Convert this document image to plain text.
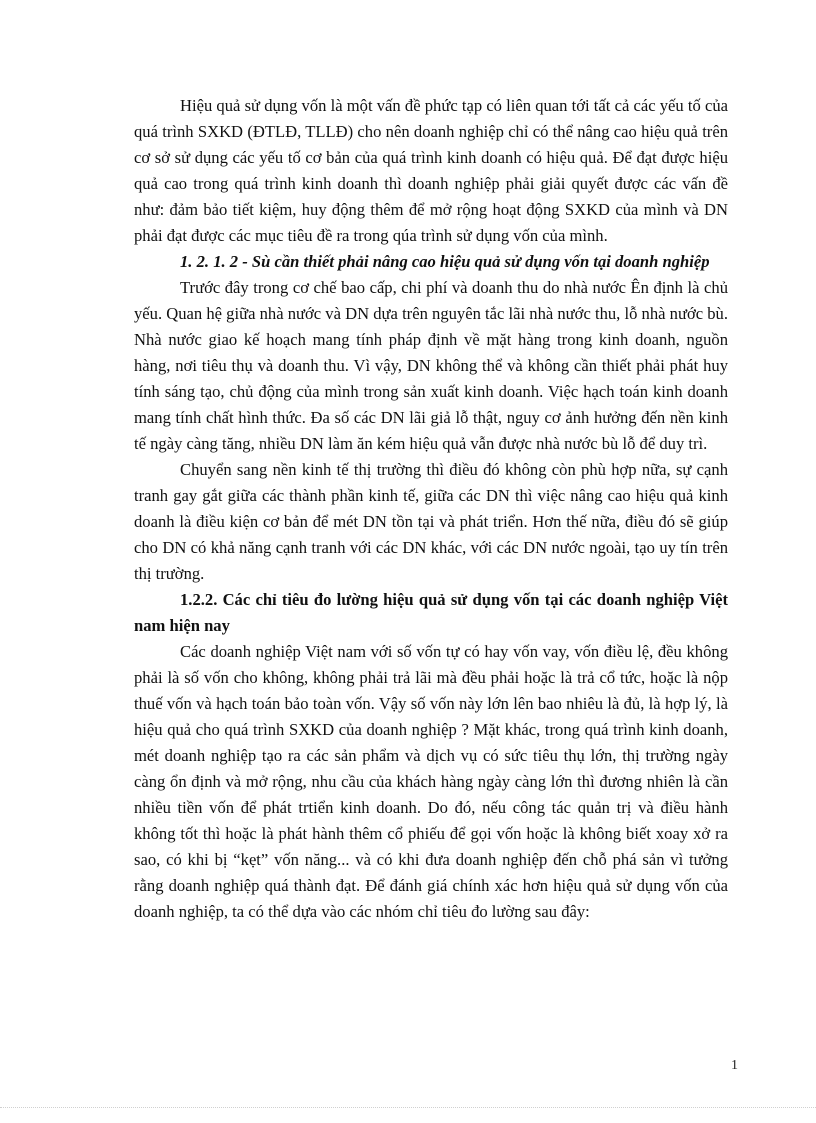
Hiệu quả sử dụng vốn là một vấn đề phức tạp có liên quan tới tất cả các yếu tố của quá trình SXKD (ĐTLĐ, TLLĐ) cho nên doanh nghiệp chỉ có thể nâng cao hiệu quả trên cơ sở sử dụng các yếu tố cơ bản của quá trình kinh doanh có hiệu quả. Để đạt được hiệu quả cao trong quá trình kinh doanh thì doanh nghiệp phải giải quyết được các vấn đề như: đảm bảo tiết kiệm, huy động thêm để mở rộng hoạt động SXKD của mình và DN phải đạt được các mục tiêu đề ra trong qúa trình sử dụng vốn của mình.

1. 2. 1. 2 - Sù cần thiết phải nâng cao hiệu quả sử dụng vốn tại doanh nghiệp

Trước đây trong cơ chế bao cấp, chi phí và doanh thu do nhà nước Ên định là chủ yếu. Quan hệ giữa nhà nước và DN dựa trên nguyên tắc lãi nhà nước thu, lỗ nhà nước bù. Nhà nước giao kế hoạch mang tính pháp định về mặt hàng trong kinh doanh, nguồn hàng, nơi tiêu thụ và doanh thu. Vì vậy, DN không thể và không cần thiết phải phát huy tính sáng tạo, chủ động của mình trong sản xuất kinh doanh. Việc hạch toán kinh doanh mang tính chất hình thức. Đa số các DN lãi giả lỗ thật, nguy cơ ảnh hưởng đến nền kinh tế ngày càng tăng, nhiều DN làm ăn kém hiệu quả vẫn được nhà nước bù lỗ để duy trì.

Chuyển sang nền kinh tế thị trường thì điều đó không còn phù hợp nữa, sự cạnh tranh gay gắt giữa các thành phần kinh tế, giữa các DN thì việc nâng cao hiệu quả kinh doanh là điều kiện cơ bản để mét DN tồn tại và phát triển. Hơn thế nữa, điều đó sẽ giúp cho DN có khả năng cạnh tranh với các DN khác, với các DN nước ngoài, tạo uy tín trên thị trường.

1.2.2. Các chỉ tiêu đo lường hiệu quả sử dụng vốn tại các doanh nghiệp Việt nam hiện nay

Các doanh nghiệp Việt nam với số vốn tự có hay vốn vay, vốn điều lệ, đều không phải là số vốn cho không, không phải trả lãi mà đều phải hoặc là trả cổ tức, hoặc là nộp thuế vốn và hạch toán bảo toàn vốn. Vậy số vốn này lớn lên bao nhiêu là đủ, là hợp lý, là hiệu quả cho quá trình SXKD của doanh nghiệp ? Mặt khác, trong quá trình kinh doanh, mét doanh nghiệp tạo ra các sản phẩm và dịch vụ có sức tiêu thụ lớn, thị trường ngày càng ổn định và mở rộng, nhu cầu của khách hàng ngày càng lớn thì đương nhiên là cần nhiều tiền vốn để phát trtiển kinh doanh. Do đó, nếu công tác quản trị và điều hành không tốt thì hoặc là phát hành thêm cổ phiếu để gọi vốn hoặc là không biết xoay xở ra sao, có khi bị “kẹt” vốn năng... và có khi đưa doanh nghiệp đến chỗ phá sản vì tưởng rằng doanh nghiệp quá thành đạt. Để đánh giá chính xác hơn hiệu quả sử dụng vốn của doanh nghiệp, ta có thể dựa vào các nhóm chỉ tiêu đo lường sau đây:

1
